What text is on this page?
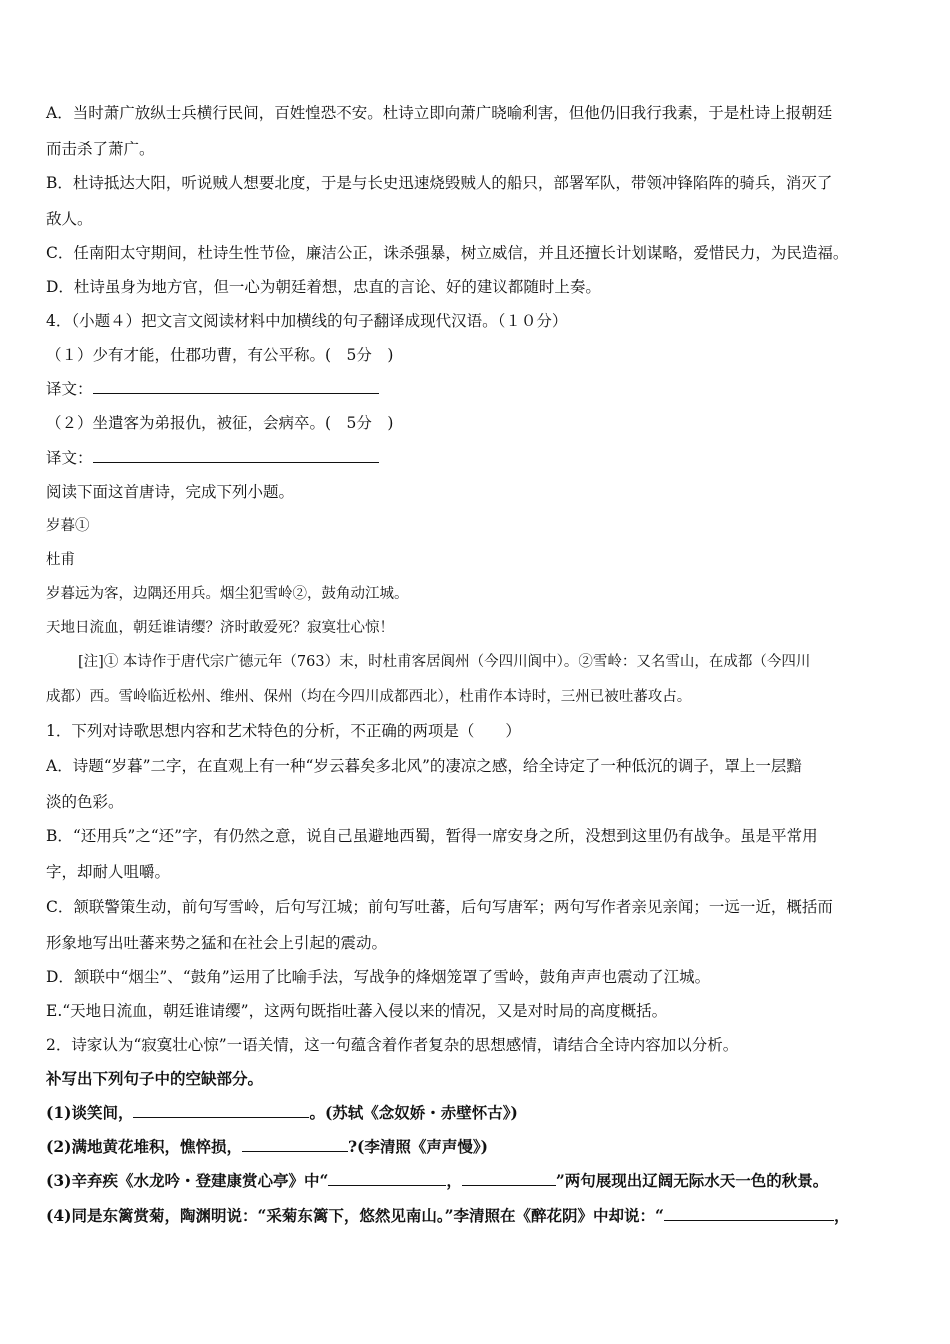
A．当时萧广放纵士兵横行民间，百姓惶恐不安。杜诗立即向萧广晓喻利害，但他仍旧我行我素，于是杜诗上报朝廷
而击杀了萧广。
B．杜诗抵达大阳，听说贼人想要北度，于是与长史迅速烧毁贼人的船只，部署军队，带领冲锋陷阵的骑兵，消灭了
敌人。
C．任南阳太守期间，杜诗生性节俭，廉洁公正，诛杀强暴，树立威信，并且还擅长计划谋略，爱惜民力，为民造福。
D．杜诗虽身为地方官，但一心为朝廷着想，忠直的言论、好的建议都随时上奏。
4．（小题４）把文言文阅读材料中加横线的句子翻译成现代汉语。（１０分）
（１）少有才能，仕郡功曹，有公平称。(　5分　)
译文：
（２）坐遣客为弟报仇，被征，会病卒。(　5分　)
译文：
阅读下面这首唐诗，完成下列小题。
岁暮①
杜甫
岁暮远为客，边隅还用兵。烟尘犯雪岭②，鼓角动江城。
天地日流血，朝廷谁请缨？济时敢爱死？寂寞壮心惊！
[注]① 本诗作于唐代宗广德元年（763）末，时杜甫客居阆州（今四川阆中）。②雪岭：又名雪山，在成都（今四川
成都）西。雪岭临近松州、维州、保州（均在今四川成都西北），杜甫作本诗时，三州已被吐蕃攻占。
1．下列对诗歌思想内容和艺术特色的分析，不正确的两项是（　　）
A．诗题“岁暮”二字，在直观上有一种“岁云暮矣多北风”的凄凉之感，给全诗定了一种低沉的调子，罩上一层黯
淡的色彩。
B．“还用兵”之“还”字，有仍然之意，说自己虽避地西蜀，暂得一席安身之所，没想到这里仍有战争。虽是平常用
字，却耐人咀嚼。
C．颔联警策生动，前句写雪岭，后句写江城；前句写吐蕃，后句写唐军；两句写作者亲见亲闻；一远一近，概括而
形象地写出吐蕃来势之猛和在社会上引起的震动。
D．颔联中“烟尘”、“鼓角”运用了比喻手法，写战争的烽烟笼罩了雪岭，鼓角声声也震动了江城。
E.“天地日流血，朝廷谁请缨”，这两句既指吐蕃入侵以来的情况，又是对时局的高度概括。
2．诗家认为“寂寞壮心惊”一语关情，这一句蕴含着作者复杂的思想感情，请结合全诗内容加以分析。
补写出下列句子中的空缺部分。
(1)谈笑间，	。(苏轼《念奴娇・赤壁怀古》)
(2)满地黄花堆积，憔悴损，	?(李清照《声声慢》)
(3)辛弃疾《水龙吟・登建康赏心亭》中“	，	”两句展现出辽阔无际水天一色的秋景。
(4)同是东篱赏菊，陶渊明说：“采菊东篱下，悠然见南山。”李清照在《醉花阴》中却说：“	，
